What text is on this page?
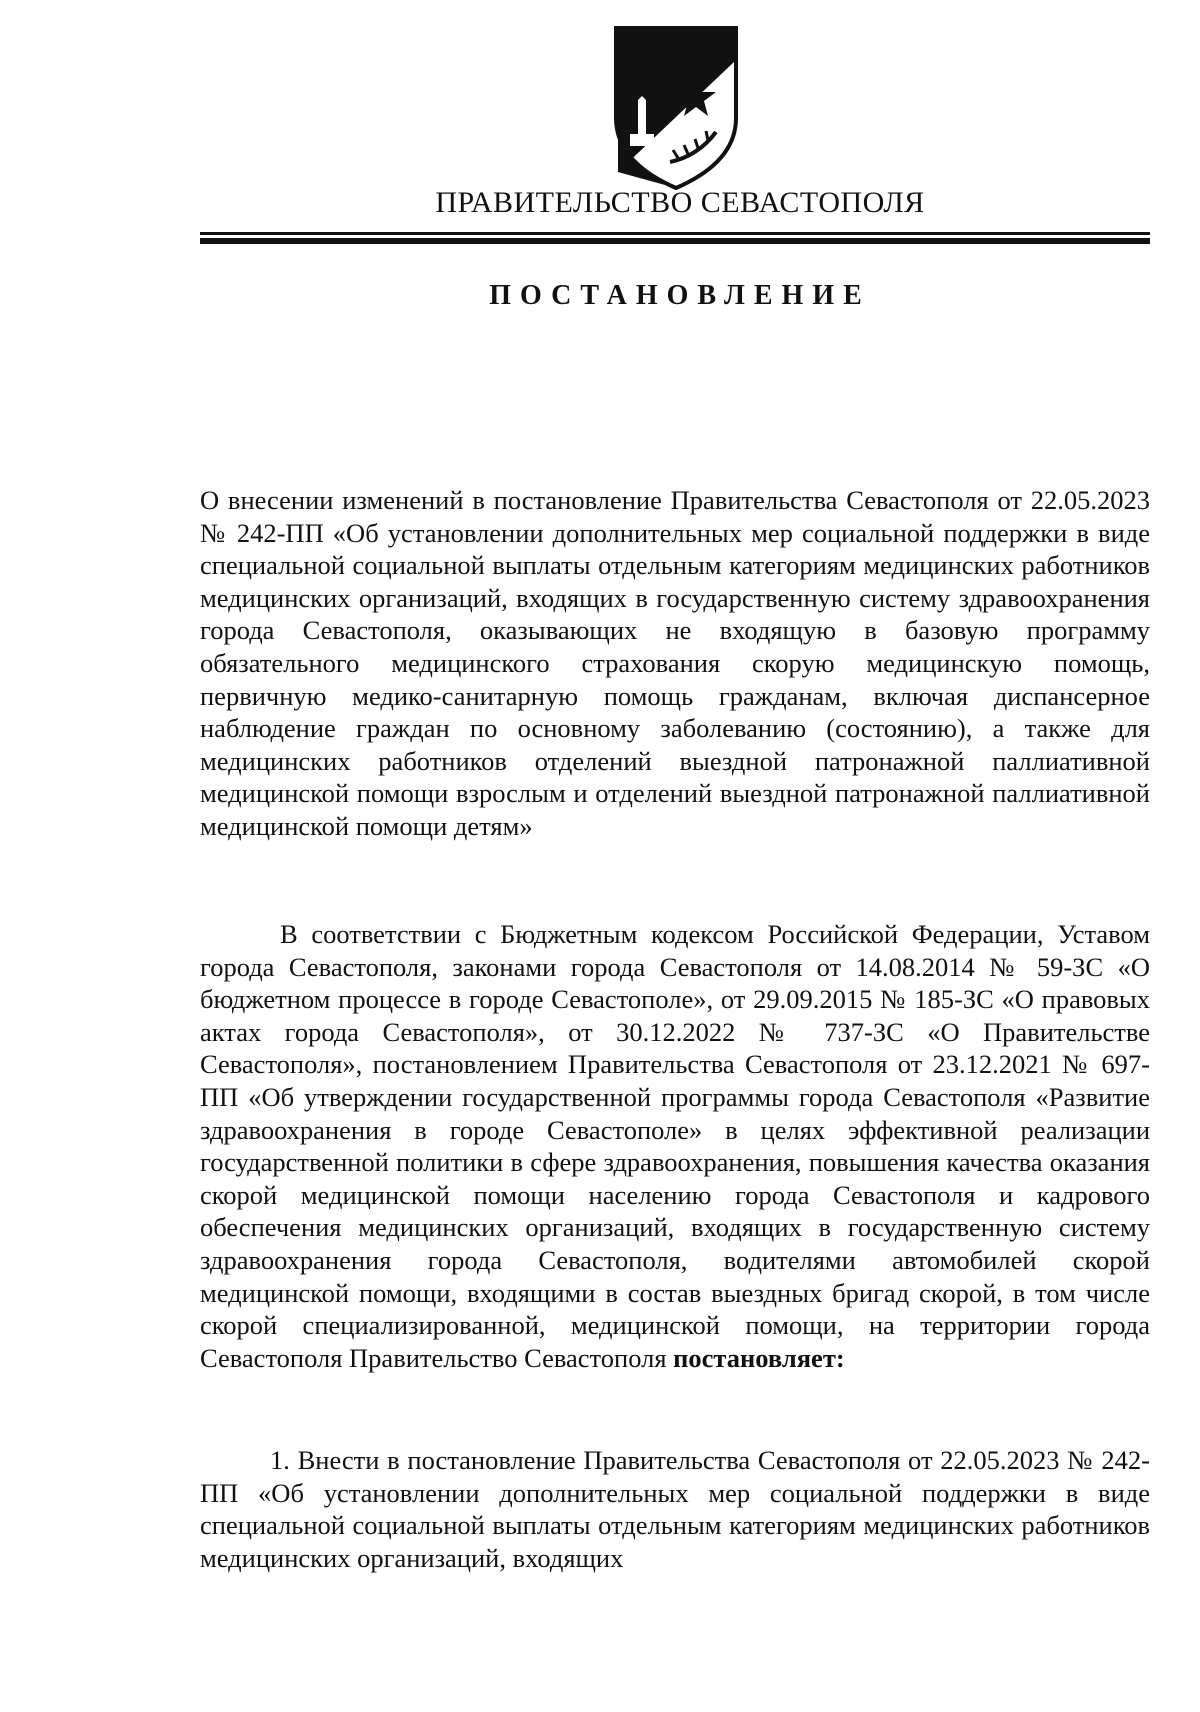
ПРАВИТЕЛЬСТВО СЕВАСТОПОЛЯ
ПОСТАНОВЛЕНИЕ
О внесении изменений в постановление Правительства Севастополя от 22.05.2023 № 242-ПП «Об установлении дополнительных мер социальной поддержки в виде специальной социальной выплаты отдельным категориям медицинских работников медицинских организаций, входящих в государственную систему здравоохранения города Севастополя, оказывающих не входящую в базовую программу обязательного медицинского страхования скорую медицинскую помощь, первичную медико-санитарную помощь гражданам, включая диспансерное наблюдение граждан по основному заболеванию (состоянию), а также для медицинских работников отделений выездной патронажной паллиативной медицинской помощи взрослым и отделений выездной патронажной паллиативной медицинской помощи детям»
В соответствии с Бюджетным кодексом Российской Федерации, Уставом города Севастополя, законами города Севастополя от 14.08.2014 № 59-ЗС «О бюджетном процессе в городе Севастополе», от 29.09.2015 № 185-ЗС «О правовых актах города Севастополя», от 30.12.2022 № 737-ЗС «О Правительстве Севастополя», постановлением Правительства Севастополя от 23.12.2021 № 697-ПП «Об утверждении государственной программы города Севастополя «Развитие здравоохранения в городе Севастополе» в целях эффективной реализации государственной политики в сфере здравоохранения, повышения качества оказания скорой медицинской помощи населению города Севастополя и кадрового обеспечения медицинских организаций, входящих в государственную систему здравоохранения города Севастополя, водителями автомобилей скорой медицинской помощи, входящими в состав выездных бригад скорой, в том числе скорой специализированной, медицинской помощи, на территории города Севастополя Правительство Севастополя постановляет:
1. Внести в постановление Правительства Севастополя от 22.05.2023 № 242-ПП «Об установлении дополнительных мер социальной поддержки в виде специальной социальной выплаты отдельным категориям медицинских работников медицинских организаций, входящих
